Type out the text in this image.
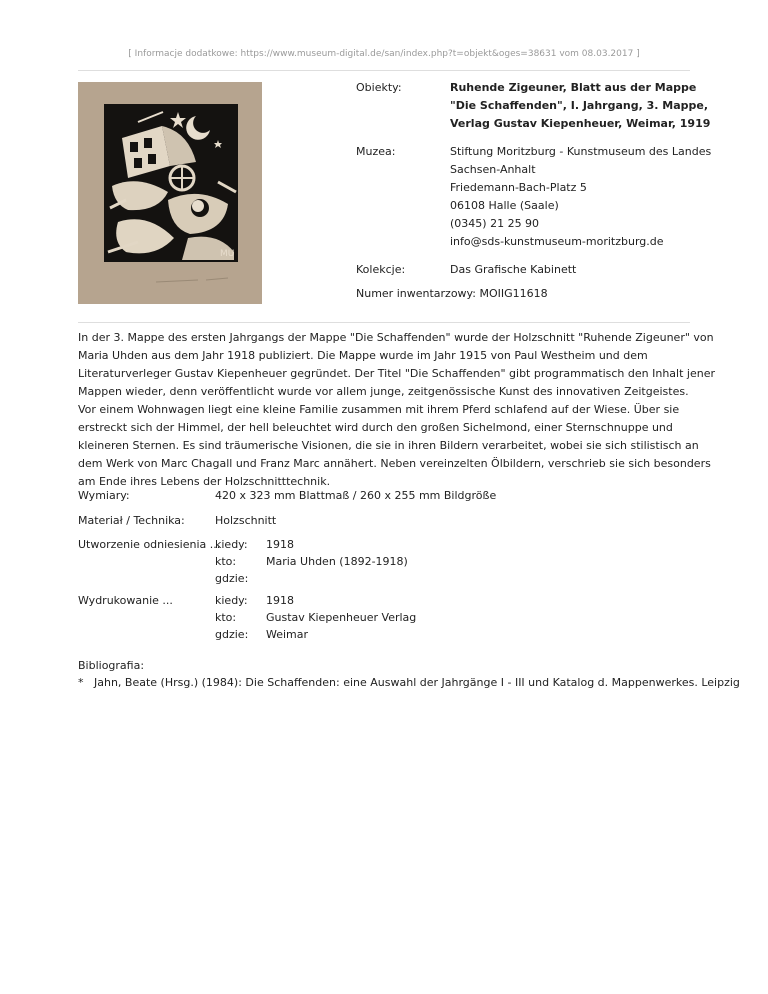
[ Informacje dodatkowe: https://www.museum-digital.de/san/index.php?t=objekt&oges=38631 vom 08.03.2017 ]
MU
Obiekty:	Ruhende Zigeuner, Blatt aus der Mappe
"Die Schaffenden", I. Jahrgang, 3. Mappe,
Verlag Gustav Kiepenheuer, Weimar, 1919
Muzea:	Stiftung Moritzburg - Kunstmuseum des Landes
Sachsen-Anhalt
Friedemann-Bach-Platz 5
06108 Halle (Saale)
(0345) 21 25 90
info@sds-kunstmuseum-moritzburg.de
Kolekcje:	Das Grafische Kabinett
Numer inwentarzowy: MOIIG11618

In der 3. Mappe des ersten Jahrgangs der Mappe "Die Schaffenden" wurde der Holzschnitt "Ruhende Zigeuner" von
Maria Uhden aus dem Jahr 1918 publiziert. Die Mappe wurde im Jahr 1915 von Paul Westheim und dem
Literaturverleger Gustav Kiepenheuer gegründet. Der Titel "Die Schaffenden" gibt programmatisch den Inhalt jener
Mappen wieder, denn veröffentlicht wurde vor allem junge, zeitgenössische Kunst des innovativen Zeitgeistes.
Vor einem Wohnwagen liegt eine kleine Familie zusammen mit ihrem Pferd schlafend auf der Wiese. Über sie
erstreckt sich der Himmel, der hell beleuchtet wird durch den großen Sichelmond, einer Sternschnuppe und
kleineren Sternen. Es sind träumerische Visionen, die sie in ihren Bildern verarbeitet, wobei sie sich stilistisch an
dem Werk von Marc Chagall und Franz Marc annähert. Neben vereinzelten Ölbildern, verschrieb sie sich besonders
am Ende ihres Lebens der Holzschnitttechnik.

Wymiary:	420 x 323 mm Blattmaß / 260 x 255 mm Bildgröße
Materiał / Technika:	Holzschnitt
Utworzenie odniesienia ...
kiedy: 1918
kto:	Maria Uhden (1892-1918)
gdzie:
Wydrukowanie ...	kiedy: 1918
kto:	Gustav Kiepenheuer Verlag
gdzie: Weimar
Bibliografia:
* Jahn, Beate (Hrsg.) (1984): Die Schaffenden: eine Auswahl der Jahrgänge I - III und Katalog d. Mappenwerkes. Leipzig
